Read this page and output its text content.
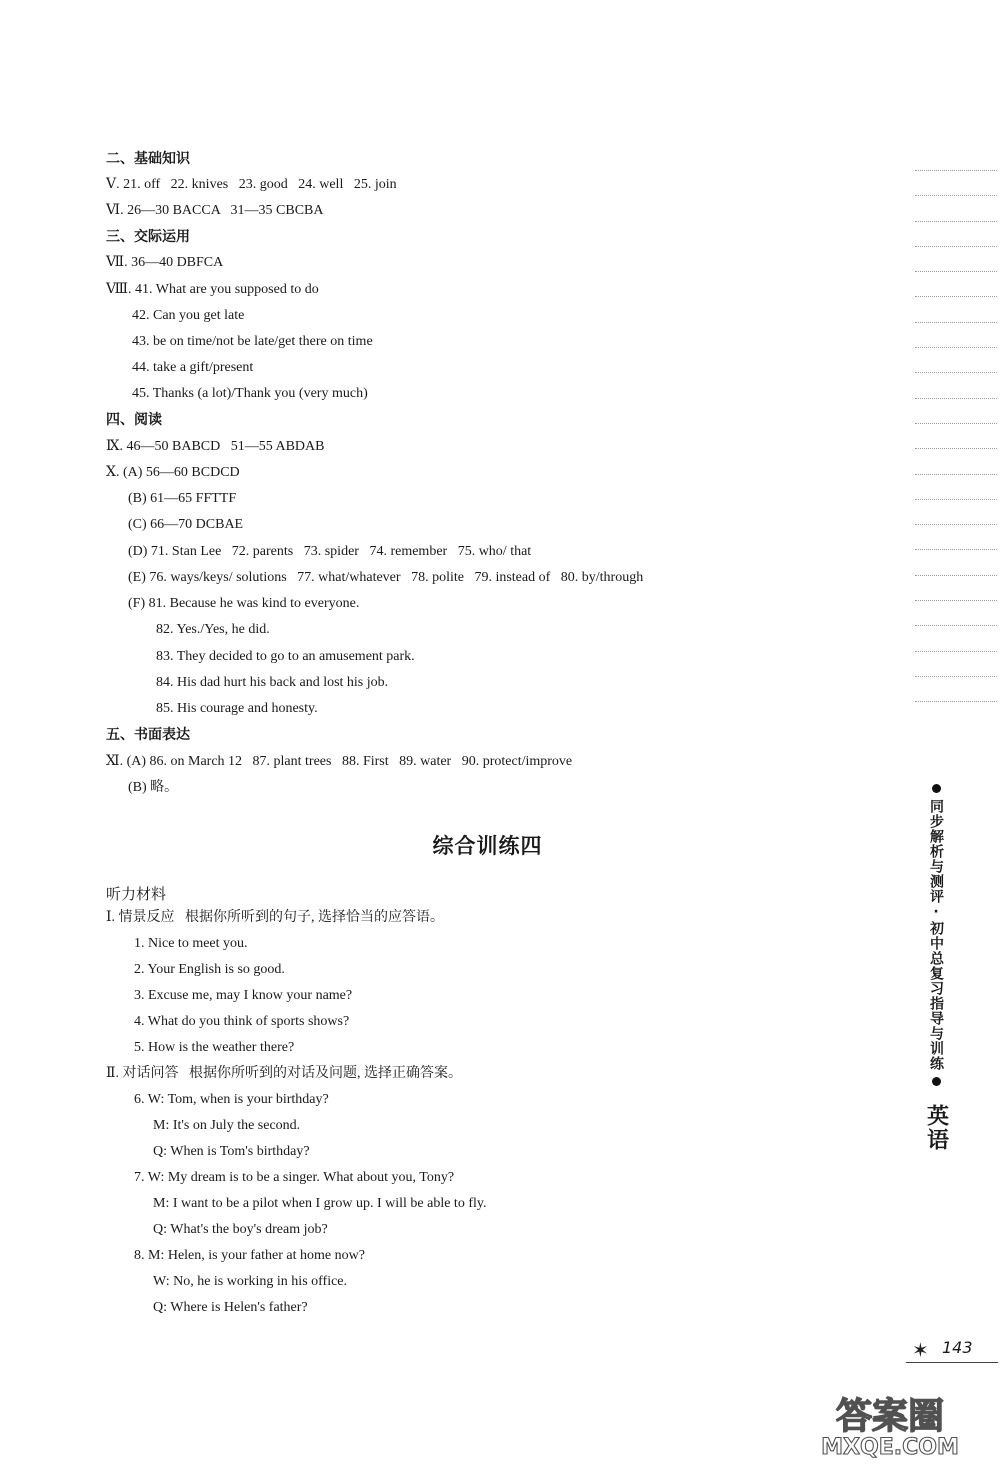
二、基础知识
Ⅴ. 21. off   22. knives   23. good   24. well   25. join
Ⅵ. 26—30 BACCA   31—35 CBCBA
三、交际运用
Ⅶ. 36—40 DBFCA
Ⅷ. 41. What are you supposed to do
42. Can you get late
43. be on time/not be late/get there on time
44. take a gift/present
45. Thanks (a lot)/Thank you (very much)
四、阅读
Ⅸ. 46—50 BABCD   51—55 ABDAB
Ⅹ. (A) 56—60 BCDCD
(B) 61—65 FFTTF
(C) 66—70 DCBAE
(D) 71. Stan Lee   72. parents   73. spider   74. remember   75. who/ that
(E) 76. ways/keys/ solutions   77. what/whatever   78. polite   79. instead of   80. by/through
(F) 81. Because he was kind to everyone.
82. Yes./Yes, he did.
83. They decided to go to an amusement park.
84. His dad hurt his back and lost his job.
85. His courage and honesty.
五、书面表达
Ⅺ. (A) 86. on March 12   87. plant trees   88. First   89. water   90. protect/improve
(B) 略。
听力材料
Ⅰ. 情景反应   根据你所听到的句子, 选择恰当的应答语。
1. Nice to meet you.
2. Your English is so good.
3. Excuse me, may I know your name?
4. What do you think of sports shows?
5. How is the weather there?
Ⅱ. 对话问答   根据你所听到的对话及问题, 选择正确答案。
6. W: Tom, when is your birthday?
M: It's on July the second.
Q: When is Tom's birthday?
7. W: My dream is to be a singer. What about you, Tony?
M: I want to be a pilot when I grow up. I will be able to fly.
Q: What's the boy's dream job?
8. M: Helen, is your father at home now?
W: No, he is working in his office.
Q: Where is Helen's father?
综合训练四	同步解析与测评·初中总复习指导与训练
英语
✶ 143
答案圈
MXQE.COM
